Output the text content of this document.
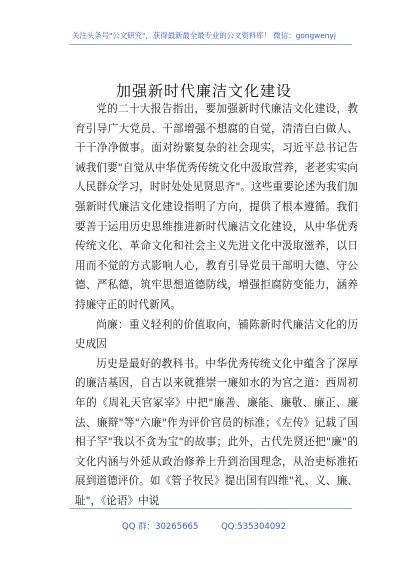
关注头条号"公文研究"，获得最新最全最专业的公文资料库！ 微信：gongwenyj
加强新时代廉洁文化建设

党的二十大报告指出，要加强新时代廉洁文化建设，教育引导广大党员、干部增强不想腐的自觉，清清白白做人、干干净净做事。面对纷繁复杂的社会现实，习近平总书记告诫我们要"自觉从中华优秀传统文化中汲取营养，老老实实向人民群众学习，时时处处见贤思齐"。这些重要论述为我们加强新时代廉洁文化建设指明了方向，提供了根本遵循。我们要善于运用历史思维推进新时代廉洁文化建设，从中华优秀传统文化、革命文化和社会主义先进文化中汲取滋养，以日用而不觉的方式影响人心，教育引导党员干部明大德、守公德、严私德，筑牢思想道德防线，增强拒腐防变能力，涵养持廉守正的时代新风。

尚廉：重义轻利的价值取向，铺陈新时代廉洁文化的历史成因

历史是最好的教科书。中华优秀传统文化中蕴含了深厚的廉洁基因，自古以来就推崇一廉如水的为官之道：西周初年的《周礼天官冢宰》中把"廉善、廉能、廉敬、廉正、廉法、廉辩"等"六廉"作为评价官员的标准；《左传》记载了国相子罕"我以不贪为宝"的故事；此外，古代先贤还把"廉"的文化内涵与外延从政治修养上升到治国理念，从治吏标准拓展到道德评价。如《管子牧民》提出国有四维"礼、义、廉、耻"，《论语》中说

QQ 群：30265665	QQ:535304092
